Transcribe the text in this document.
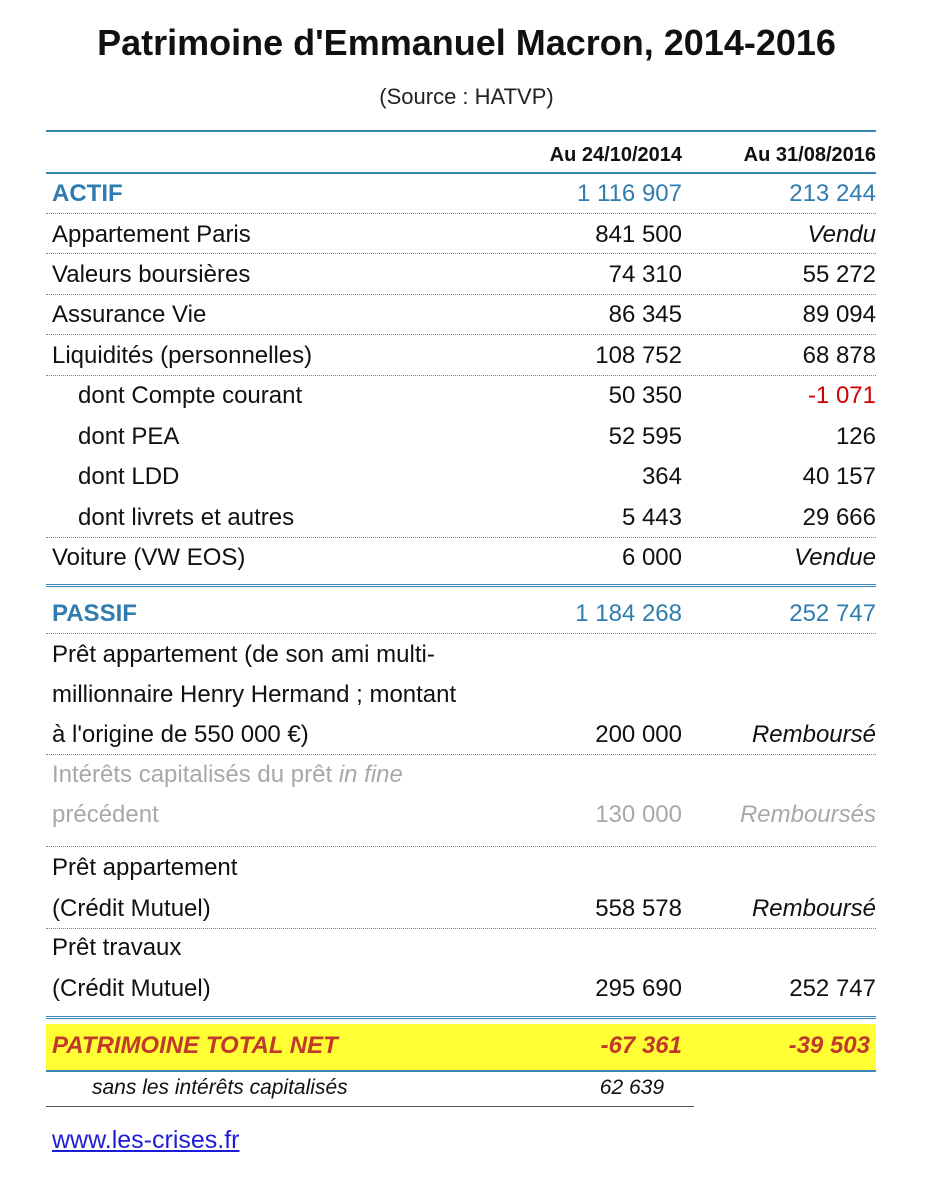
Patrimoine d'Emmanuel Macron, 2014-2016
(Source : HATVP)
Au 24/10/2014	Au 31/08/2016
ACTIF	1 116 907	213 244
Appartement Paris	841 500	Vendu
Valeurs boursières	74 310	55 272
Assurance Vie	86 345	89 094
Liquidités (personnelles)	108 752	68 878
dont Compte courant	50 350	-1 071
dont PEA	52 595	126
dont LDD	364	40 157
dont livrets et autres	5 443	29 666
Voiture (VW EOS)	6 000	Vendue
PASSIF	1 184 268	252 747
Prêt appartement (de son ami multi-
millionnaire Henry Hermand ; montant
à l'origine de 550 000 €)	200 000	Remboursé
Intérêts capitalisés du prêt in fine
précédent	130 000 Remboursés
Prêt appartement
(Crédit Mutuel)	558 578	Remboursé
Prêt travaux
(Crédit Mutuel)	295 690	252 747
PATRIMOINE TOTAL NET	-67 361	-39 503
sans les intérêts capitalisés	62 639
www.les-crises.fr
